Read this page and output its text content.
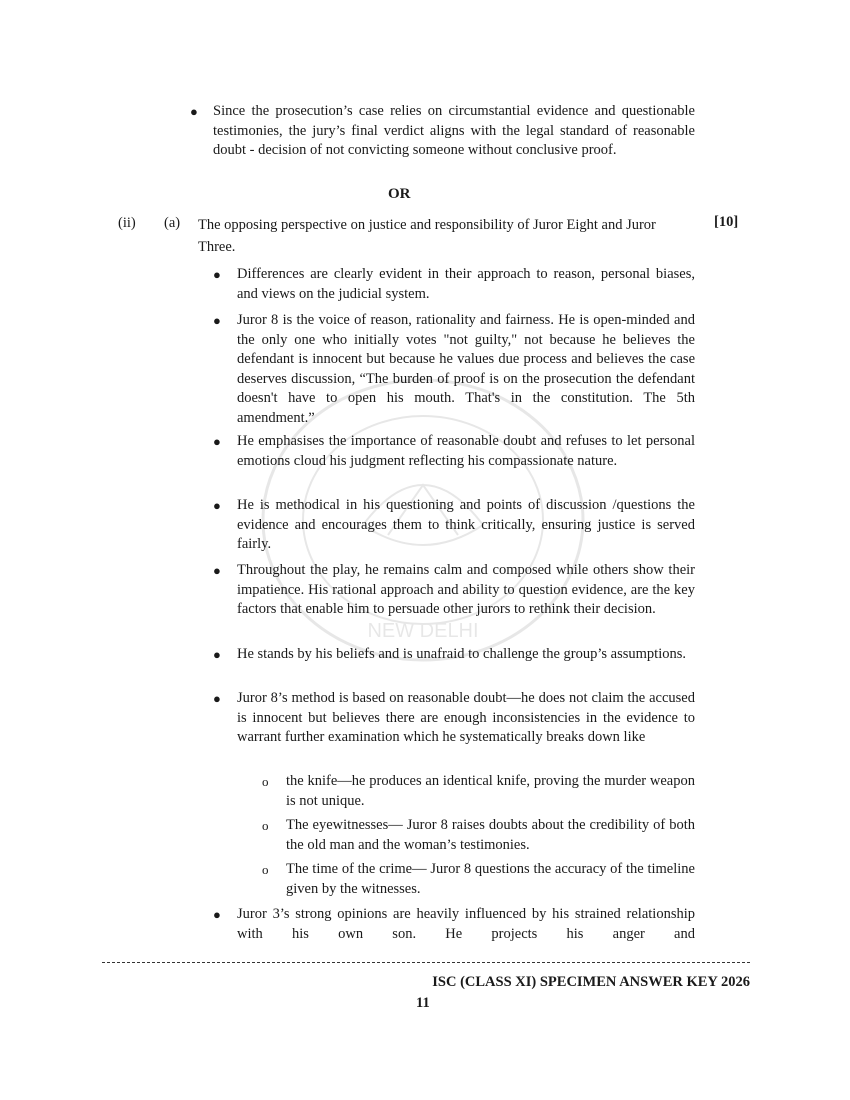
NEW DELHI
● Since the prosecution’s case relies on circumstantial evidence and questionable testimonies, the jury’s final verdict aligns with the legal standard of reasonable doubt - decision of not convicting someone without conclusive proof.

OR
(ii) (a) The opposing perspective on justice and responsibility of Juror Eight and Juror Three.

[10]
● Differences are clearly evident in their approach to reason, personal biases, and views on the judicial system.

● Juror 8 is the voice of reason, rationality and fairness. He is open-minded and the only one who initially votes "not guilty," not because he believes the defendant is innocent but because he values due process and believes the case deserves discussion, “The burden of proof is on the prosecution the defendant doesn't have to open his mouth. That's in the constitution. The 5th amendment.”

● He emphasises the importance of reasonable doubt and refuses to let personal emotions cloud his judgment reflecting his compassionate nature.

● He is methodical in his questioning and points of discussion /questions the evidence and encourages them to think critically, ensuring justice is served fairly.

● Throughout the play, he remains calm and composed while others show their impatience. His rational approach and ability to question evidence, are the key factors that enable him to persuade other jurors to rethink their decision.

● He stands by his beliefs and is unafraid to challenge the group’s assumptions.

● Juror 8’s method is based on reasonable doubt—he does not claim the accused is innocent but believes there are enough inconsistencies in the evidence to warrant further examination which he systematically breaks down like

o the knife—he produces an identical knife, proving the murder weapon is not unique.

o The eyewitnesses— Juror 8 raises doubts about the credibility of both the old man and the woman’s testimonies.

o The time of the crime— Juror 8 questions the accuracy of the timeline given by the witnesses.

● Juror 3’s strong opinions are heavily influenced by his strained relationship with his own son. He projects his anger and

ISC (CLASS XI) SPECIMEN ANSWER KEY 2026
11
